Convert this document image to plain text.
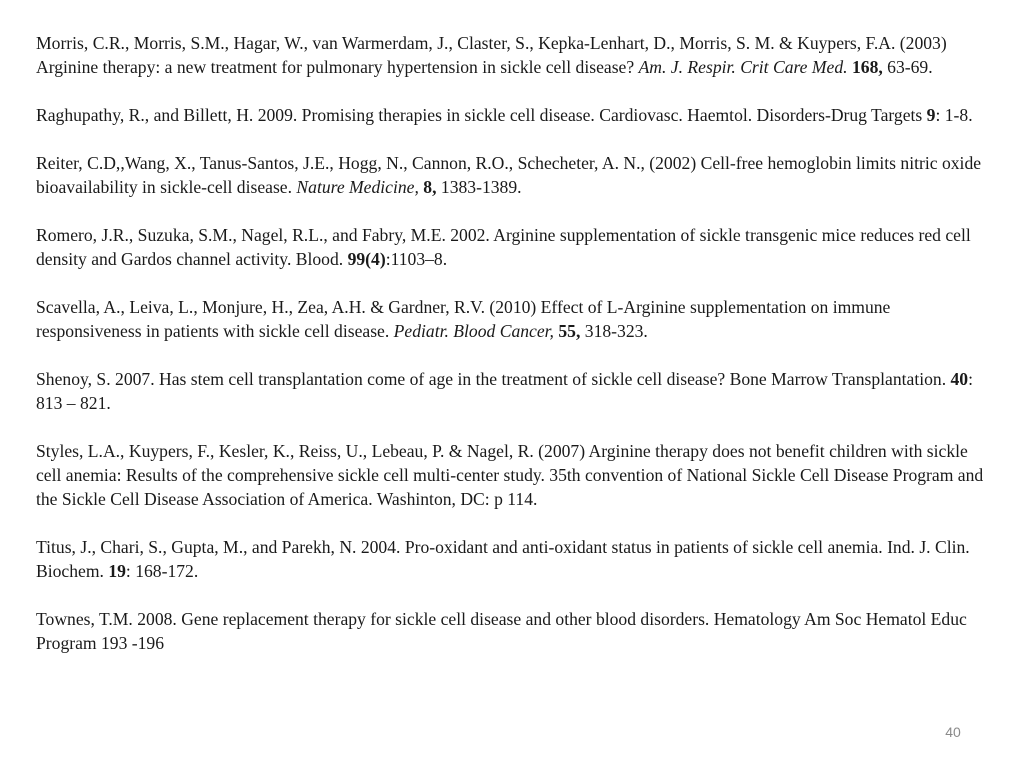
Morris, C.R., Morris, S.M., Hagar, W., van Warmerdam, J., Claster, S., Kepka-Lenhart, D., Morris, S. M. & Kuypers, F.A. (2003) Arginine therapy: a new treatment for pulmonary hypertension in sickle cell disease? Am. J. Respir. Crit Care Med. 168, 63-69.

Raghupathy, R., and Billett, H. 2009. Promising therapies in sickle cell disease. Cardiovasc. Haemtol. Disorders-Drug Targets 9: 1-8.

Reiter, C.D,,Wang, X., Tanus-Santos, J.E., Hogg, N., Cannon, R.O., Schecheter, A. N., (2002) Cell-free hemoglobin limits nitric oxide bioavailability in sickle-cell disease. Nature Medicine, 8, 1383-1389.

Romero, J.R., Suzuka, S.M., Nagel, R.L., and Fabry, M.E. 2002. Arginine supplementation of sickle transgenic mice reduces red cell density and Gardos channel activity. Blood. 99(4):1103–8.

Scavella, A., Leiva, L., Monjure, H., Zea, A.H. & Gardner, R.V. (2010) Effect of L-Arginine supplementation on immune responsiveness in patients with sickle cell disease. Pediatr. Blood Cancer, 55, 318-323.

Shenoy, S. 2007. Has stem cell transplantation come of age in the treatment of sickle cell disease? Bone Marrow Transplantation. 40: 813 – 821.

Styles, L.A., Kuypers, F., Kesler, K., Reiss, U., Lebeau, P. & Nagel, R. (2007) Arginine therapy does not benefit children with sickle cell anemia: Results of the comprehensive sickle cell multi-center study. 35th convention of National Sickle Cell Disease Program and the Sickle Cell Disease Association of America. Washinton, DC: p 114.

Titus, J., Chari, S., Gupta, M., and Parekh, N. 2004. Pro-oxidant and anti-oxidant status in patients of sickle cell anemia. Ind. J. Clin. Biochem. 19: 168-172.

Townes, T.M. 2008. Gene replacement therapy for sickle cell disease and other blood disorders. Hematology Am Soc Hematol Educ Program 193 -196

40
